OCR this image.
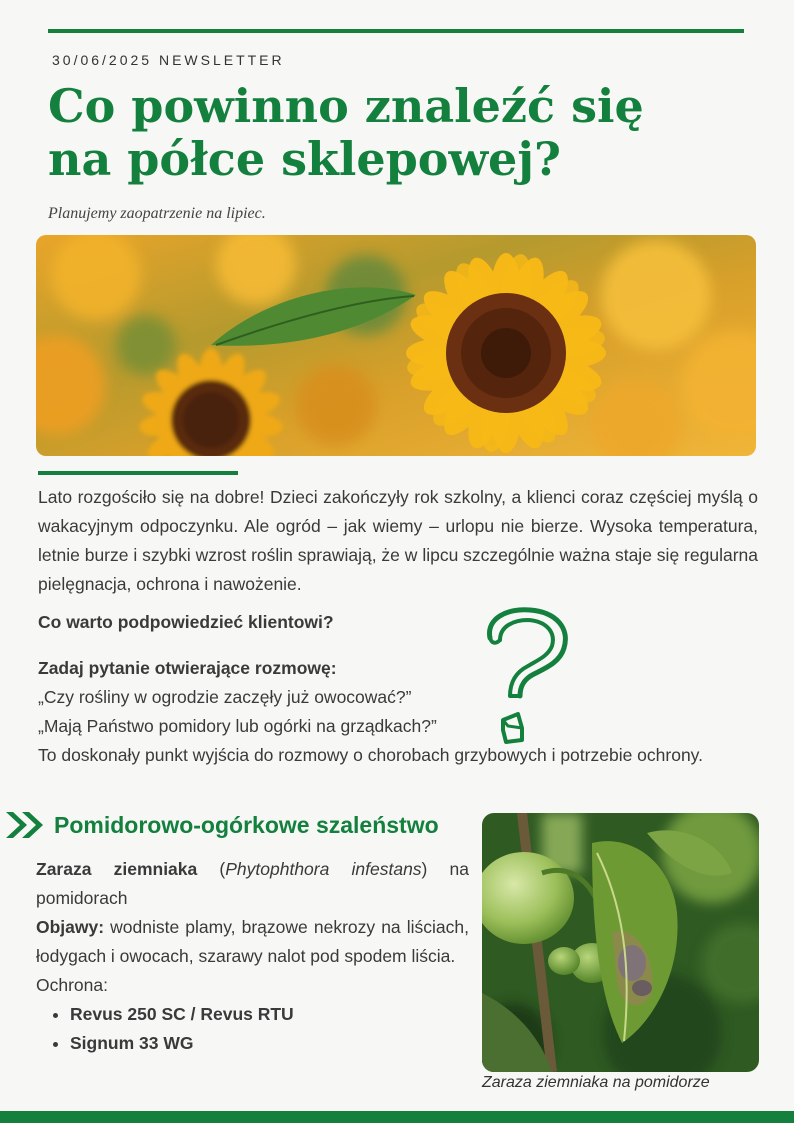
30/06/2025 NEWSLETTER
Co powinno znaleźć się
na półce sklepowej?
Planujemy zaopatrzenie na lipiec.

Lato rozgościło się na dobre! Dzieci zakończyły rok szkolny, a klienci coraz częściej myślą o wakacyjnym odpoczynku. Ale ogród – jak wiemy – urlopu nie bierze. Wysoka temperatura, letnie burze i szybki wzrost roślin sprawiają, że w lipcu szczególnie ważna staje się regularna pielęgnacja, ochrona i nawożenie.

Co warto podpowiedzieć klientowi?

Zadaj pytanie otwierające rozmowę:

„Czy rośliny w ogrodzie zaczęły już owocować?”

„Mają Państwo pomidory lub ogórki na grządkach?”

To doskonały punkt wyjścia do rozmowy o chorobach grzybowych i potrzebie ochrony.

Pomidorowo-ogórkowe szaleństwo

Zaraza ziemniaka (Phytophthora infestans) na pomidorach

Objawy: wodniste plamy, brązowe nekrozy na liściach, łodygach i owocach, szarawy nalot pod spodem liścia.

Ochrona:

• Revus 250 SC / Revus RTU
• Signum 33 WG
Zaraza ziemniaka na pomidorze
